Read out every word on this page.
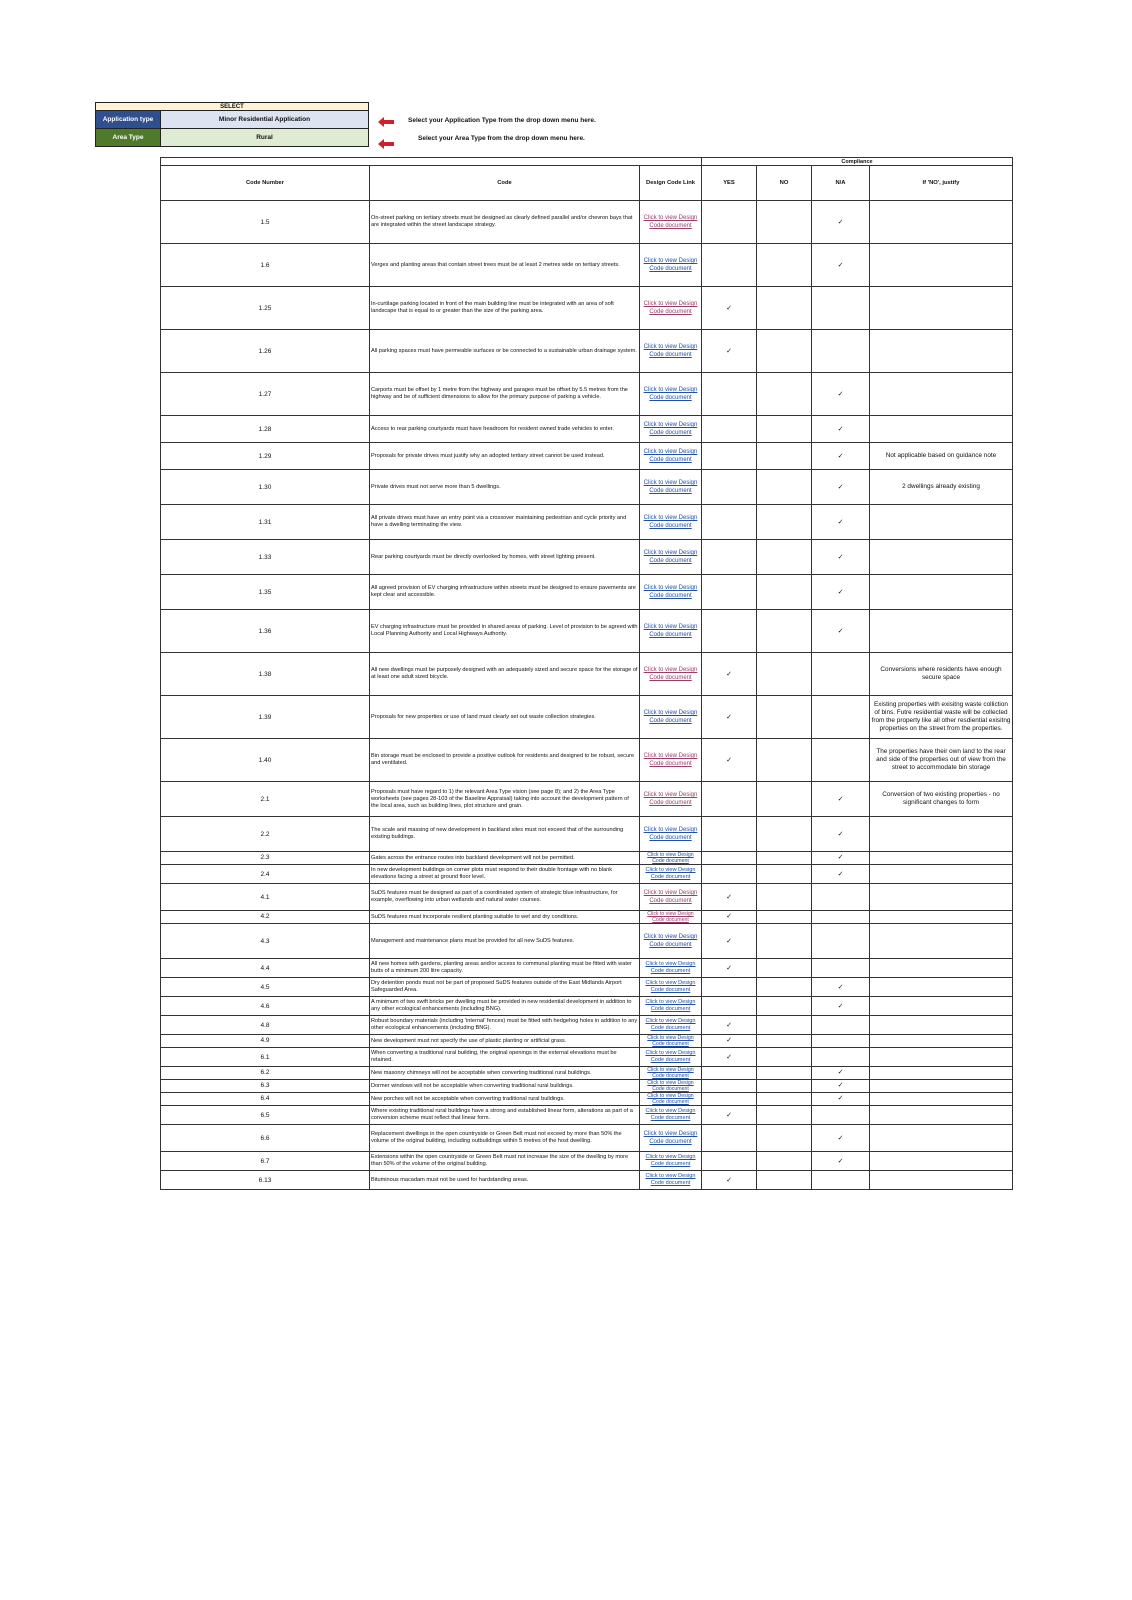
SELECT	
Application type	Minor Residential Application
Area Type	Rural
Select your Application Type from the drop down menu here.
Select your Area Type from the drop down menu here.
			Compliance			
Code Number	Code	Design Code Link	YES	NO	N/A	If 'NO', justify
1.5	On-street parking on tertiary streets must be designed as clearly defined parallel and/or chevron bays that are integrated within the street landscape strategy.	Click to view Design Code document			✓	
1.6	Verges and planting areas that contain street trees must be at least 2 metres wide on tertiary streets.	Click to view Design Code document			✓	
1.25	In-curtilage parking located in front of the main building line must be integrated with an area of soft landscape that is equal to or greater than the size of the parking area.	Click to view Design Code document	✓			
1.26	All parking spaces must have permeable surfaces or be connected to a sustainable urban drainage system.	Click to view Design Code document	✓			
1.27	Carports must be offset by 1 metre from the highway and garages must be offset by 5.5 metres from the highway and be of sufficient dimensions to allow for the primary purpose of parking a vehicle.	Click to view Design Code document			✓	
1.28	Access to rear parking courtyards must have headroom for resident owned trade vehicles to enter.	Click to view Design Code document			✓	
1.29	Proposals for private drives must justify why an adopted tertiary street cannot be used instead.	Click to view Design Code document			✓	Not applicable based on guidance note
1.30	Private drives must not serve more than 5 dwellings.	Click to view Design Code document			✓	2 dwellings already existing
1.31	All private drives must have an entry point via a crossover maintaining pedestrian and cycle priority and have a dwelling terminating the view.	Click to view Design Code document			✓	
1.33	Rear parking courtyards must be directly overlooked by homes, with street lighting present.	Click to view Design Code document			✓	
1.35	All agreed provision of EV charging infrastructure within streets must be designed to ensure pavements are kept clear and accessible.	Click to view Design Code document			✓	
1.36	EV charging infrastructure must be provided in shared areas of parking. Level of provision to be agreed with Local Planning Authority and Local Highways Authority.	Click to view Design Code document			✓	
1.38	All new dwellings must be purposely designed with an adequately sized and secure space for the storage of at least one adult sized bicycle.	Click to view Design Code document	✓			Conversions where residents have enough secure space
1.39	Proposals for new properties or use of land must clearly set out waste collection strategies.	Click to view Design Code document	✓			Existing properties with exisitng waste colliction of bins. Futre residential waste will be collected from the property like all other resdiential exisitng properties on the street from the properties.
1.40	Bin storage must be enclosed to provide a positive outlook for residents and designed to be robust, secure and ventilated.	Click to view Design Code document	✓			The properties have their own land to the rear and side of the properties out of view from the street to accommodate bin storage
2.1	Proposals must have regard to 1) the relevant Area Type vision (see page 8); and 2) the Area Type worksheets (see pages 28-103 of the Baseline Appraisal) taking into account the development pattern of the local area, such as building lines, plot structure and grain.	Click to view Design Code document			✓	Conversion of two existing properties - no significant changes to form
2.2	The scale and massing of new development in backland sites must not exceed that of the surrounding existing buildings.	Click to view Design Code document			✓	
2.3	Gates across the entrance routes into backland development will not be permitted.	Click to view Design Code document			✓	
2.4	In new development buildings on corner plots must respond to their double frontage with no blank elevations facing a street at ground floor level.	Click to view Design Code document			✓	
4.1	SuDS features must be designed as part of a coordinated system of strategic blue infrastructure, for example, overflowing into urban wetlands and natural water courses.	Click to view Design Code document	✓			
4.2	SuDS features must incorporate resilient planting suitable to wet and dry conditions.	Click to view Design Code document	✓			
4.3	Management and maintenance plans must be provided for all new SuDS features.	Click to view Design Code document	✓			
4.4	All new homes with gardens, planting areas and/or access to communal planting must be fitted with water butts of a minimum 200 litre capacity.	Click to view Design Code document	✓			
4.5	Dry detention ponds must not be part of proposed SuDS features outside of the East Midlands Airport Safeguarded Area.	Click to view Design Code document			✓	
4.6	A minimum of two swift bricks per dwelling must be provided in new residential development in addition to any other ecological enhancements (including BNG).	Click to view Design Code document			✓	
4.8	Robust boundary materials (including 'internal' fences) must be fitted with hedgehog holes in addition to any other ecological enhancements (including BNG).	Click to view Design Code document	✓			
4.9	New development must not specify the use of plastic planting or artificial grass.	Click to view Design Code document	✓			
6.1	When converting a traditional rural building, the original openings in the external elevations must be retained.	Click to view Design Code document	✓			
6.2	New masonry chimneys will not be acceptable when converting traditional rural buildings.	Click to view Design Code document			✓	
6.3	Dormer windows will not be acceptable when converting traditional rural buildings.	Click to view Design Code document			✓	
6.4	New porches will not be acceptable when converting traditional rural buildings.	Click to view Design Code document			✓	
6.5	Where existing traditional rural buildings have a strong and established linear form, alterations as part of a conversion scheme must reflect that linear form.	Click to view Design Code document	✓			
6.6	Replacement dwellings in the open countryside or Green Belt must not exceed by more than 50% the volume of the original building, including outbuildings within 5 metres of the host dwelling.	Click to view Design Code document			✓	
6.7	Extensions within the open countryside or Green Belt must not increase the size of the dwelling by more than 50% of the volume of the original building.	Click to view Design Code document			✓	
6.13	Bituminous macadam must not be used for hardstanding areas.	Click to view Design Code document	✓			
